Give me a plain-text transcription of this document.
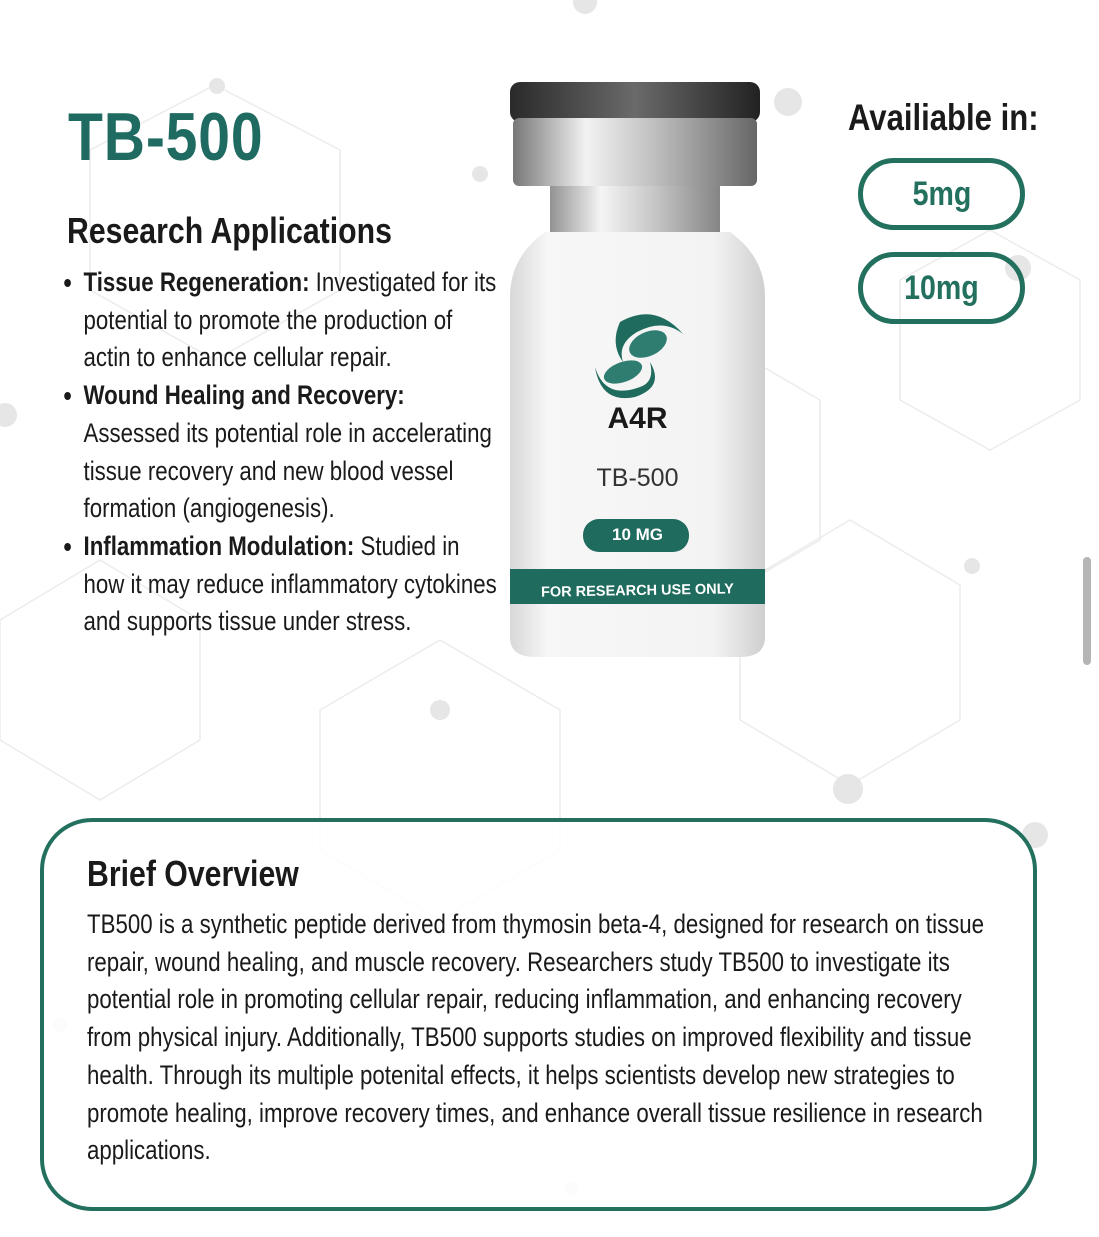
TB-500
Research Applications
• Tissue Regeneration: Investigated for its potential to promote the production of actin to enhance cellular repair.
• Wound Healing and Recovery:
Assessed its potential role in accelerating tissue recovery and new blood vessel formation (angiogenesis).
• Inflammation Modulation: Studied in how it may reduce inflammatory cytokines and supports tissue under stress.
A4R
TB-500
10 MG
FOR RESEARCH USE ONLY
Availiable in:
5mg
10mg
Brief Overview
TB500 is a synthetic peptide derived from thymosin beta-4, designed for research on tissue repair, wound healing, and muscle recovery. Researchers study TB500 to investigate its potential role in promoting cellular repair, reducing inflammation, and enhancing recovery from physical injury. Additionally, TB500 supports studies on improved flexibility and tissue health. Through its multiple potenital effects, it helps scientists develop new strategies to promote healing, improve recovery times, and enhance overall tissue resilience in research applications.
